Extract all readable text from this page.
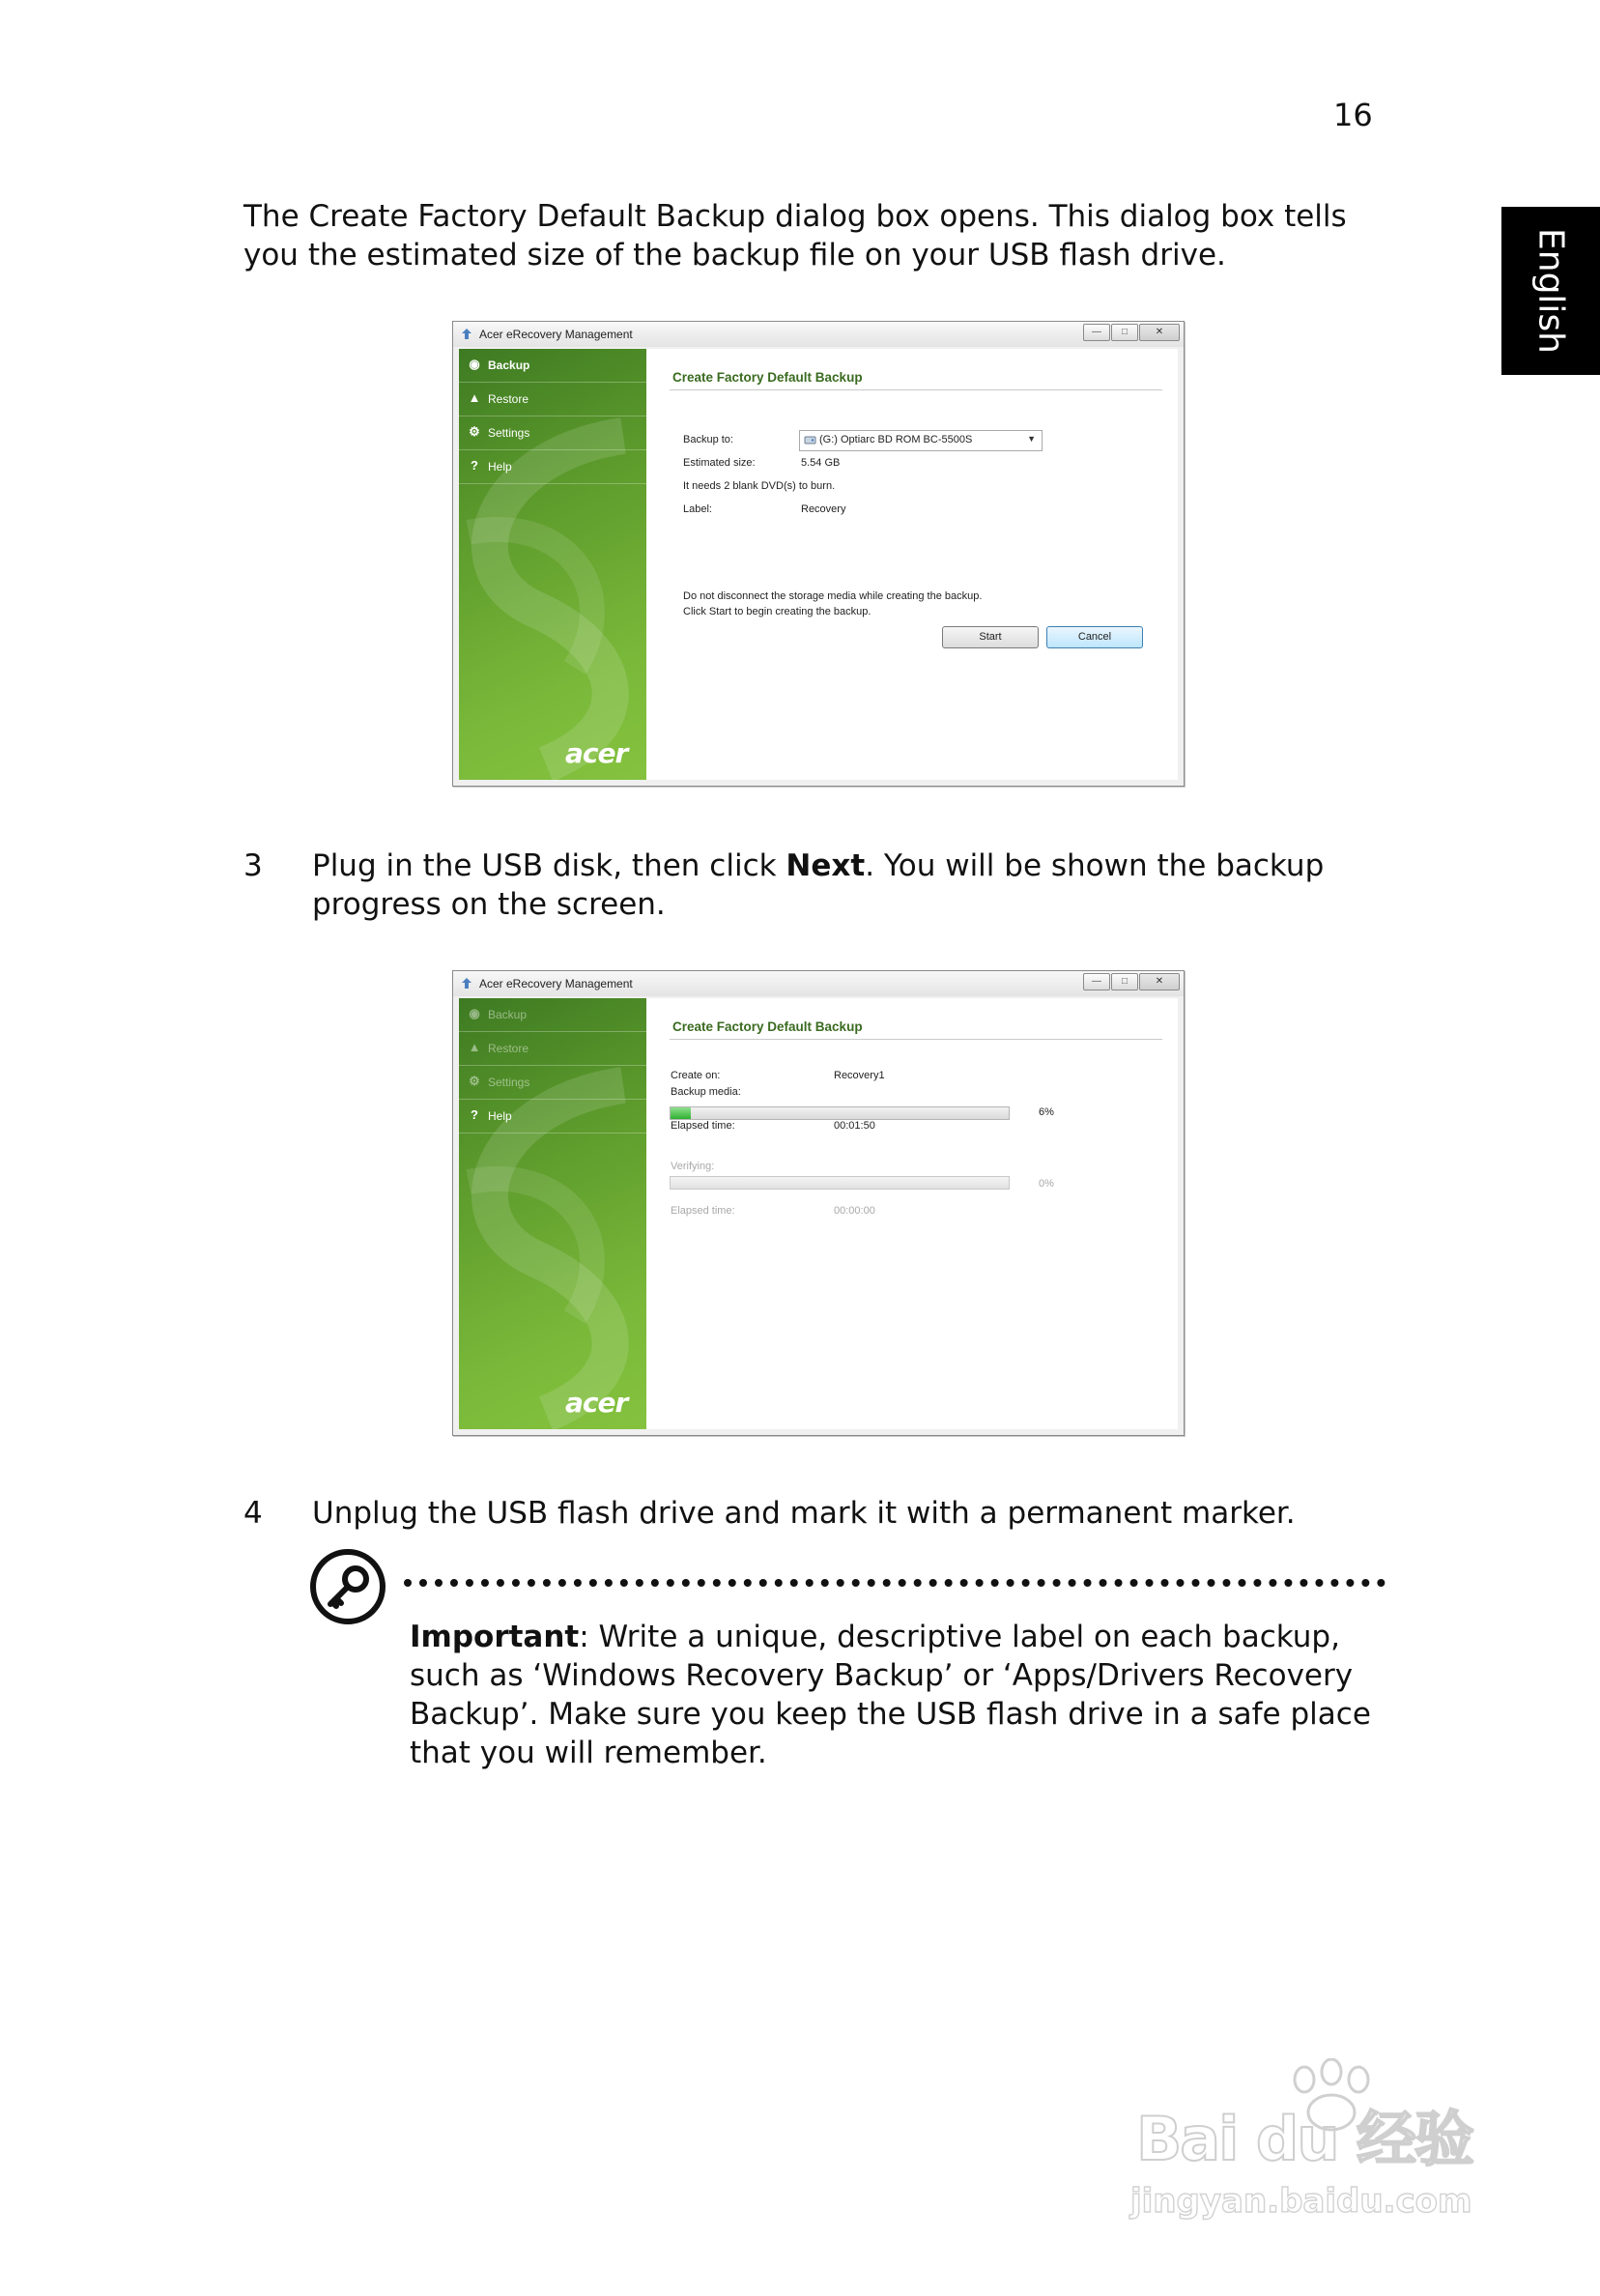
16
English

The Create Factory Default Backup dialog box opens. This dialog box tells you the estimated size of the backup file on your USB flash drive.

Acer eRecovery Management	—	□	✕
◉ Backup
▲ Restore
⚙ Settings
? Help
acer
Create Factory Default Backup
Backup to:	(G:) Optiarc BD ROM BC-5500S	▼
Estimated size:	5.54 GB
It needs 2 blank DVD(s) to burn.
Label:	Recovery
Do not disconnect the storage media while creating the backup.
Click Start to begin creating the backup.
Start	Cancel
3 Plug in the USB disk, then click Next. You will be shown the backup progress on the screen.

Acer eRecovery Management	—	□	✕
◉ Backup
▲ Restore
⚙ Settings
? Help
acer
Create Factory Default Backup
Create on:	Recovery1
Backup media:
6%
Elapsed time:	00:01:50
Verifying:
0%
Elapsed time:	00:00:00
4 Unplug the USB flash drive and mark it with a permanent marker.

Important: Write a unique, descriptive label on each backup, such as ‘Windows Recovery Backup’ or ‘Apps/Drivers Recovery Backup’. Make sure you keep the USB flash drive in a safe place that you will remember.

Bai du 经验
jingyan.baidu.com
